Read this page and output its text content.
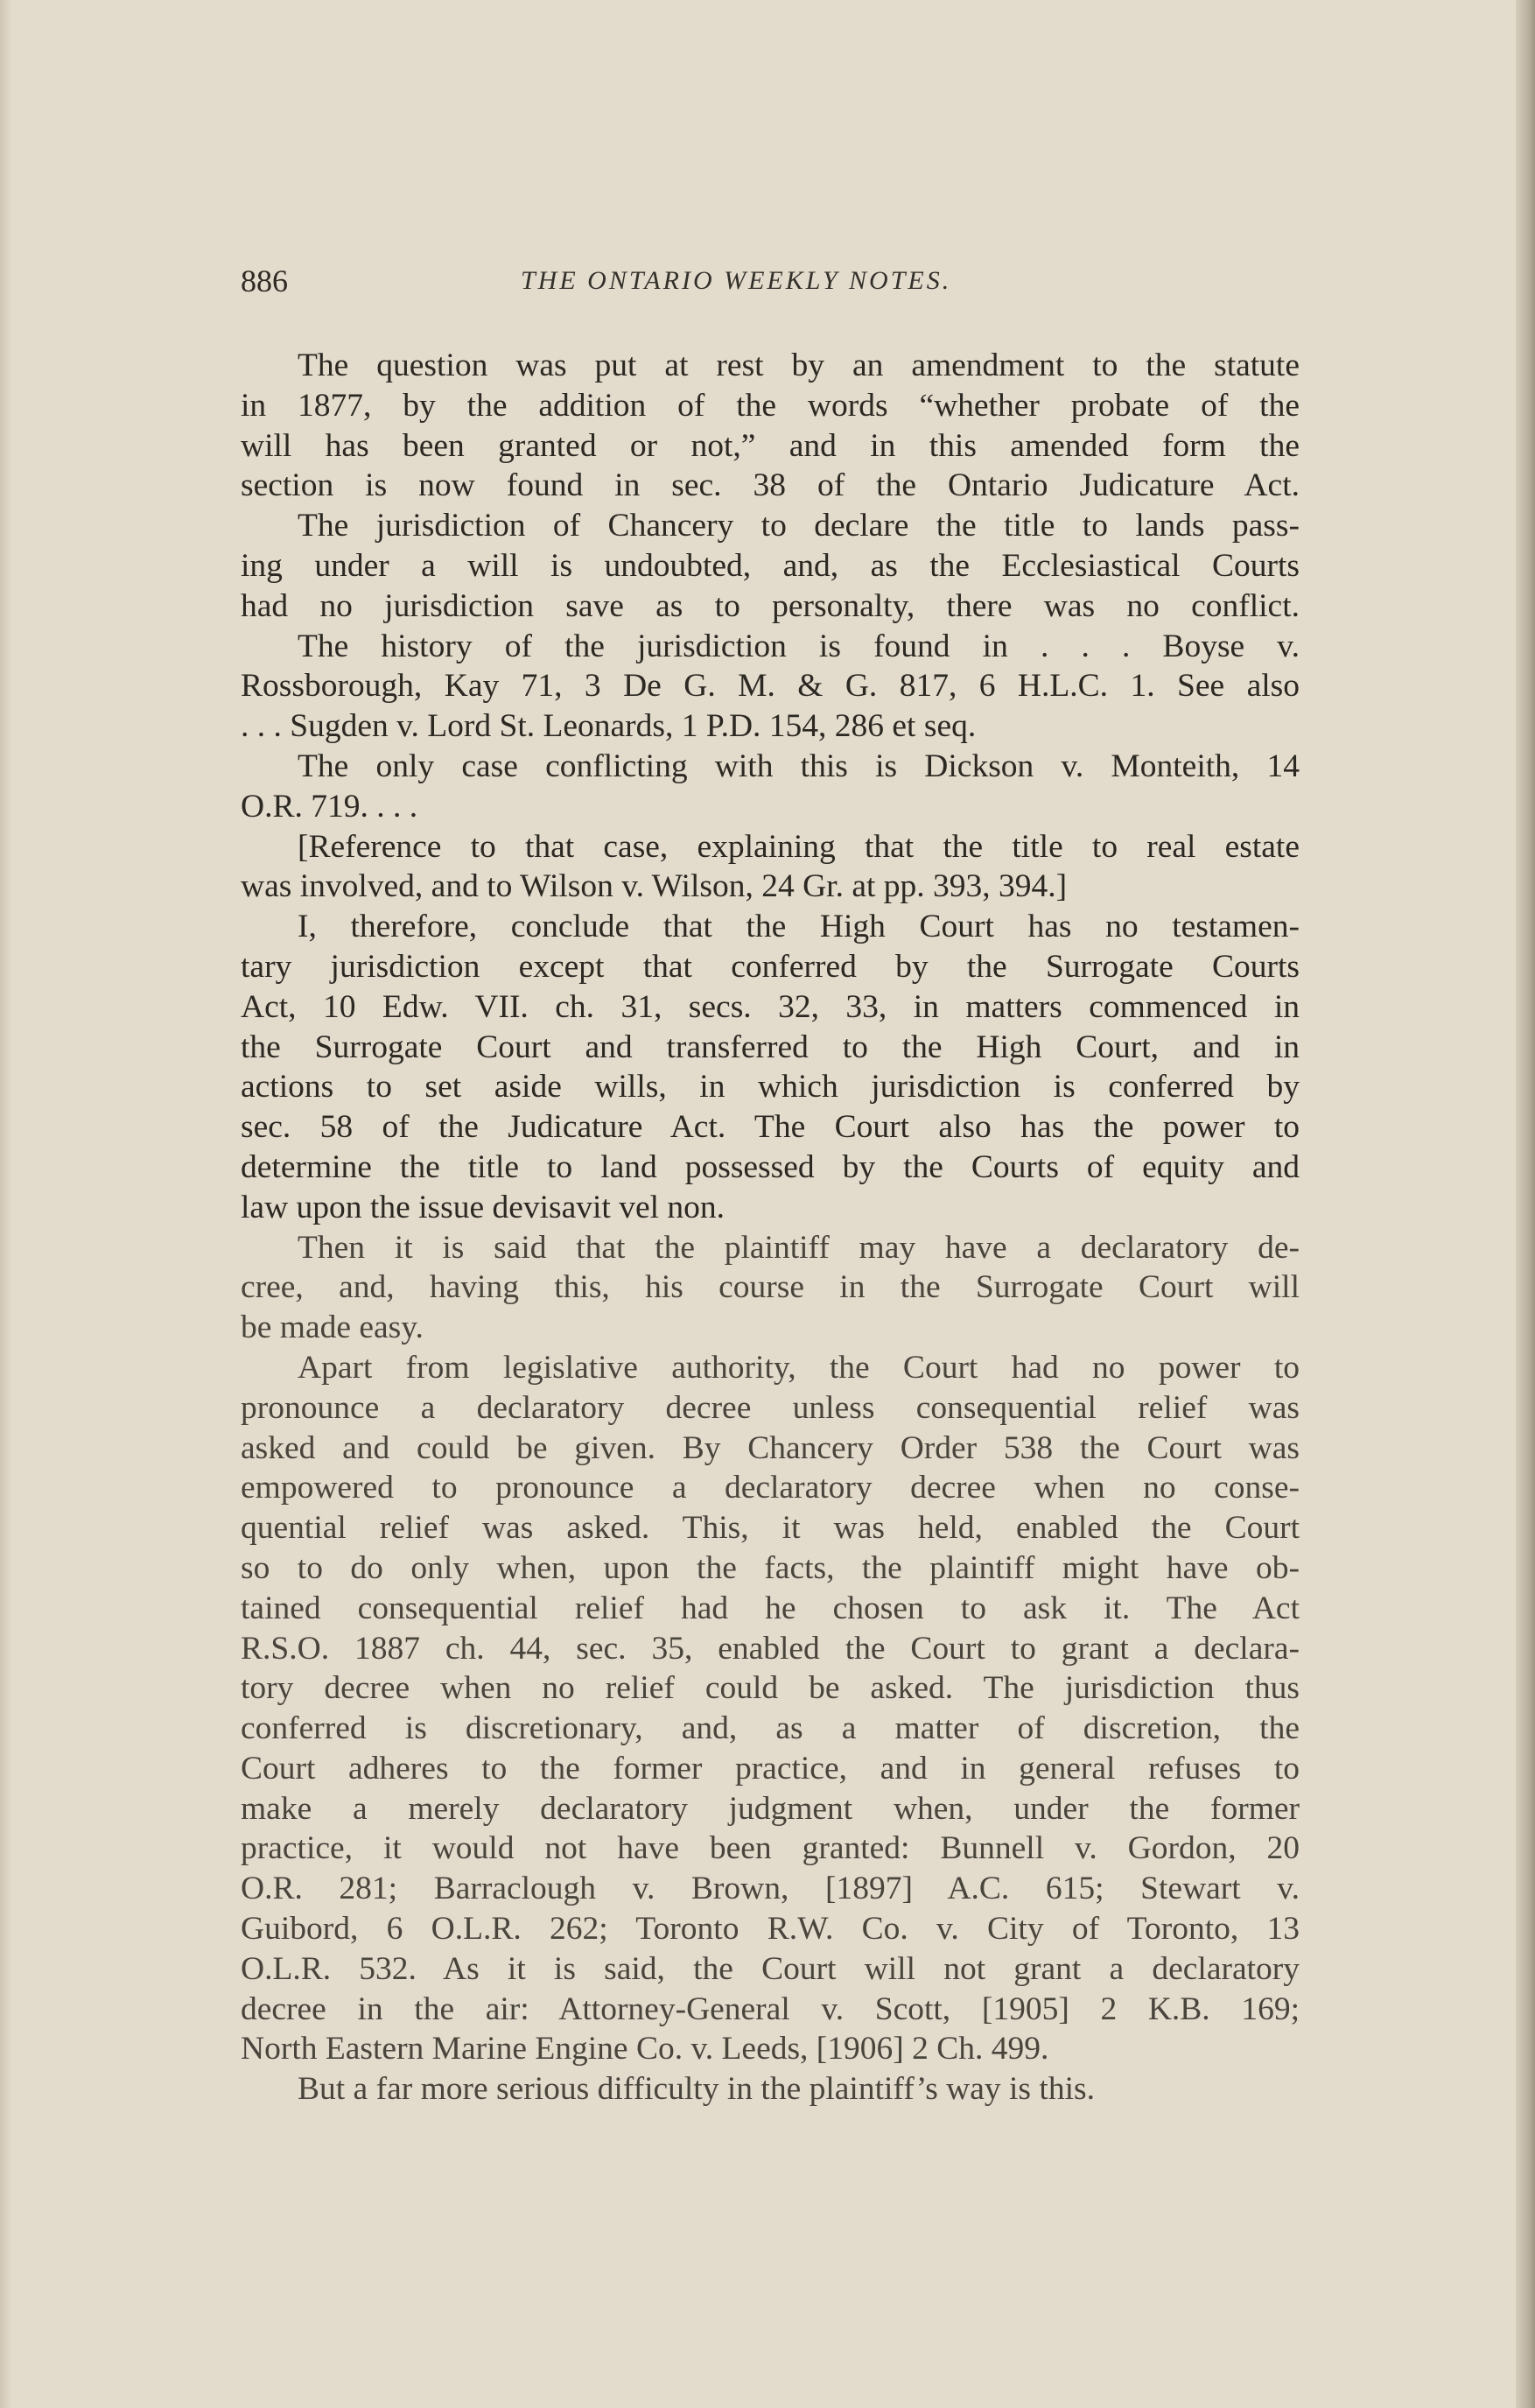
886	THE ONTARIO WEEKLY NOTES.
The question was put at rest by an amendment to the statute
in 1877, by the addition of the words “whether probate of the
will has been granted or not,” and in this amended form the
section is now found in sec. 38 of the Ontario Judicature Act.
The jurisdiction of Chancery to declare the title to lands pass-
ing under a will is undoubted, and, as the Ecclesiastical Courts
had no jurisdiction save as to personalty, there was no conflict.
The history of the jurisdiction is found in . . . Boyse v.
Rossborough, Kay 71, 3 De G. M. & G. 817, 6 H.L.C. 1. See also
. . . Sugden v. Lord St. Leonards, 1 P.D. 154, 286 et seq.
The only case conflicting with this is Dickson v. Monteith, 14
O.R. 719. . . .
[Reference to that case, explaining that the title to real estate
was involved, and to Wilson v. Wilson, 24 Gr. at pp. 393, 394.]
I, therefore, conclude that the High Court has no testamen-
tary jurisdiction except that conferred by the Surrogate Courts
Act, 10 Edw. VII. ch. 31, secs. 32, 33, in matters commenced in
the Surrogate Court and transferred to the High Court, and in
actions to set aside wills, in which jurisdiction is conferred by
sec. 58 of the Judicature Act. The Court also has the power to
determine the title to land possessed by the Courts of equity and
law upon the issue devisavit vel non.
Then it is said that the plaintiff may have a declaratory de-
cree, and, having this, his course in the Surrogate Court will
be made easy.
Apart from legislative authority, the Court had no power to
pronounce a declaratory decree unless consequential relief was
asked and could be given. By Chancery Order 538 the Court was
empowered to pronounce a declaratory decree when no conse-
quential relief was asked. This, it was held, enabled the Court
so to do only when, upon the facts, the plaintiff might have ob-
tained consequential relief had he chosen to ask it. The Act
R.S.O. 1887 ch. 44, sec. 35, enabled the Court to grant a declara-
tory decree when no relief could be asked. The jurisdiction thus
conferred is discretionary, and, as a matter of discretion, the
Court adheres to the former practice, and in general refuses to
make a merely declaratory judgment when, under the former
practice, it would not have been granted: Bunnell v. Gordon, 20
O.R. 281; Barraclough v. Brown, [1897] A.C. 615; Stewart v.
Guibord, 6 O.L.R. 262; Toronto R.W. Co. v. City of Toronto, 13
O.L.R. 532. As it is said, the Court will not grant a declaratory
decree in the air: Attorney-General v. Scott, [1905] 2 K.B. 169;
North Eastern Marine Engine Co. v. Leeds, [1906] 2 Ch. 499.
But a far more serious difficulty in the plaintiff’s way is this.
